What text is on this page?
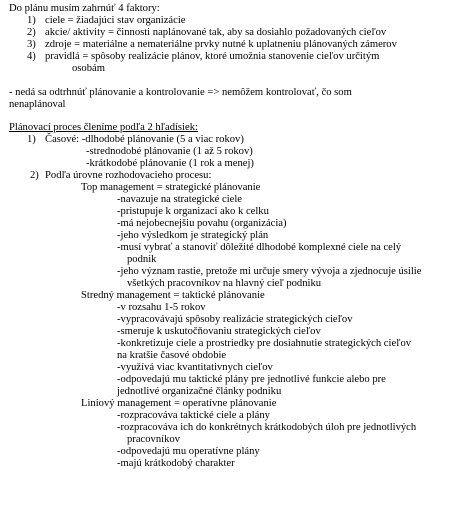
Do plánu musím zahrnúť 4 faktory:
1) ciele = žiadajúci stav organizácie
2) akcie/ aktivity = činnosti naplánované tak, aby sa dosiahlo požadovaných cieľov
3) zdroje = materiálne a nemateriálne prvky nutné k uplatneniu plánovaných zámerov
4) pravidlá = spôsoby realizácie plánov, ktoré umožnia stanovenie cieľov určitým
osobám
- nedá sa odtrhnúť plánovanie a kontrolovanie => nemôžem kontrolovať, čo som
nenaplánoval
Plánovací proces členíme podľa 2 hľadísiek:
1) Časové: -dlhodobé plánovanie (5 a viac rokov)
-strednodobé plánovanie (1 až 5 rokov)
-krátkodobé plánovanie (1 rok a menej)
2) Podľa úrovne rozhodovacieho procesu:
Top management = strategické plánovanie
-navazuje na strategické ciele
-pristupuje k organizaci ako k celku
-má nejobecnejšiu povahu (organizácia)
-jeho výsledkom je strategický plán
-musí vybrať a stanoviť dôležité dlhodobé komplexné ciele na celý
podnik
-jeho význam rastie, pretože mi určuje smery vývoja a zjednocuje úsilie
všetkých pracovníkov na hlavný cieľ podniku
Stredný management = taktické plánovanie
-v rozsahu 1-5 rokov
-vypracovávajú spôsoby realizácie strategických cieľov
-smeruje k uskutočňovaniu strategických cieľov
-konkretizuje ciele a prostriedky pre dosiahnutie strategických cieľov
na kratšie časové obdobie
-využívá viac kvantitativnych cieľov
-odpovedajú mu taktické plány pre jednotlivé funkcie alebo pre
jednotlivé organizačné články podniku
Liniový management = operatívne plánovanie
-rozpracováva taktické ciele a plány
-rozpracováva ich do konkrétnych krátkodobých úloh pre jednotlivých
pracovníkov
-odpovedajú mu operatívne plány
-majú krátkodobý charakter
